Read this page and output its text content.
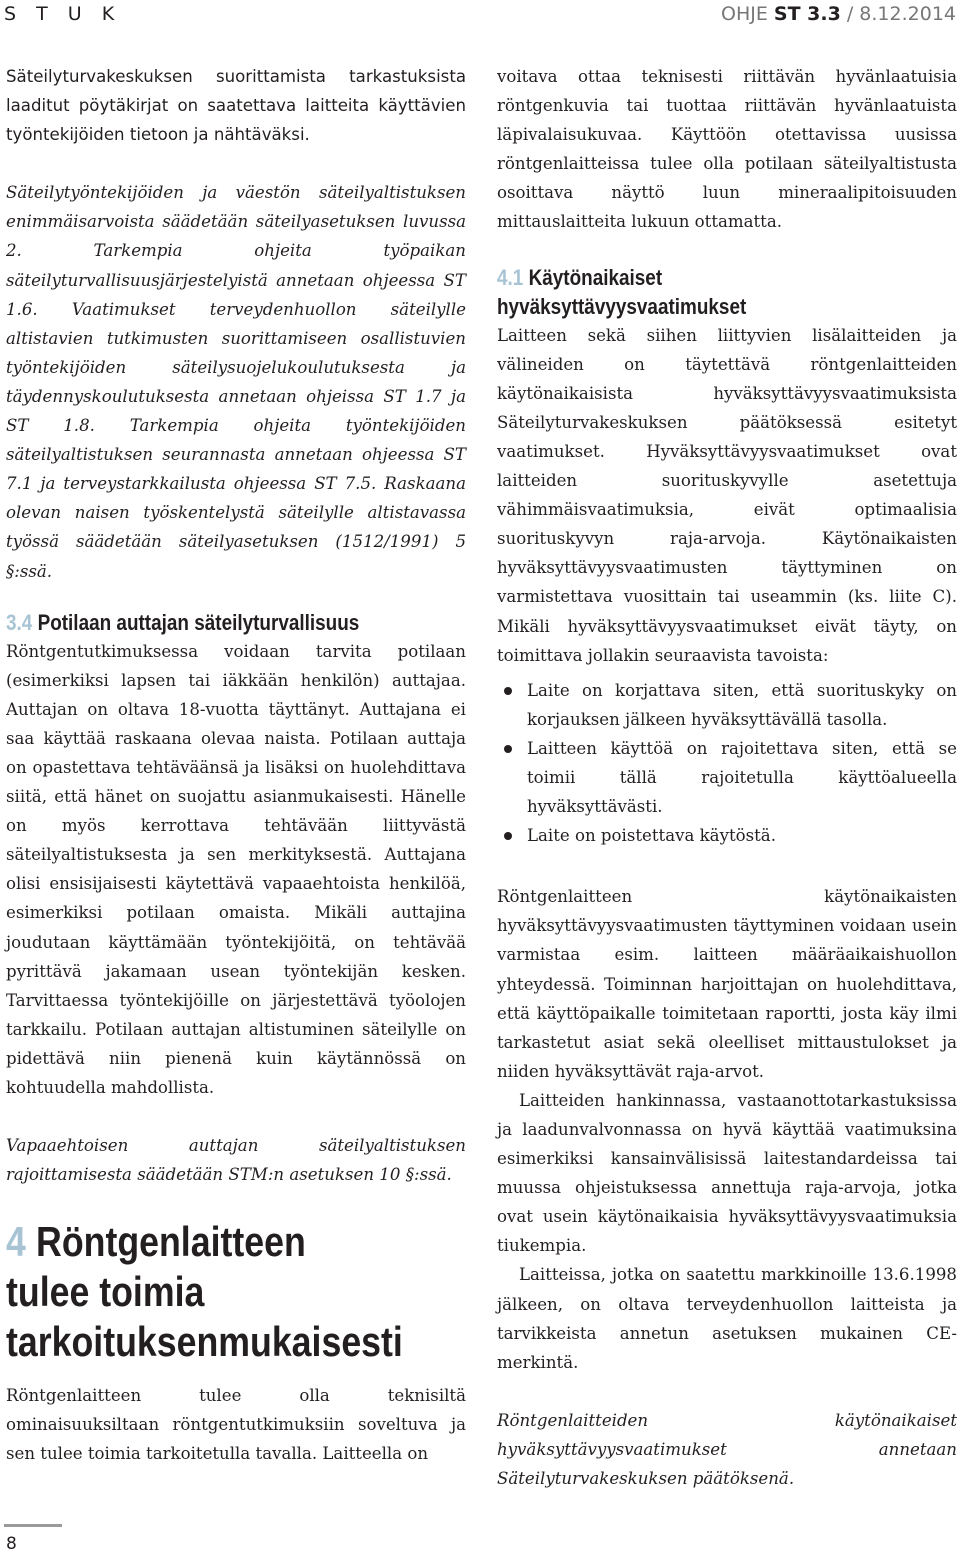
S T U K	OHJE ST 3.3 / 8.12.2014

Säteilyturvakeskuksen suorittamista tarkastuksista laaditut pöytäkirjat on saatettava laitteita käyttävien työntekijöiden tietoon ja nähtäväksi.

Säteilytyöntekijöiden ja väestön säteilyaltistuksen enimmäisarvoista säädetään säteilyasetuksen luvussa 2. Tarkempia ohjeita työpaikan säteilyturvallisuusjärjestelyistä annetaan ohjeessa ST 1.6. Vaatimukset terveydenhuollon säteilylle altistavien tutkimusten suorittamiseen osallistuvien työntekijöiden säteilysuojelukoulutuksesta ja täydennyskoulutuksesta annetaan ohjeissa ST 1.7 ja ST 1.8. Tarkempia ohjeita työntekijöiden säteilyaltistuksen seurannasta annetaan ohjeessa ST 7.1 ja terveystarkkailusta ohjeessa ST 7.5. Raskaana olevan naisen työskentelystä säteilylle altistavassa työssä säädetään säteilyasetuksen (1512/1991) 5 §:ssä.

3.4 Potilaan auttajan säteilyturvallisuus

Röntgentutkimuksessa voidaan tarvita potilaan (esimerkiksi lapsen tai iäkkään henkilön) auttajaa. Auttajan on oltava 18-vuotta täyttänyt. Auttajana ei saa käyttää raskaana olevaa naista. Potilaan auttaja on opastettava tehtäväänsä ja lisäksi on huolehdittava siitä, että hänet on suojattu asianmukaisesti. Hänelle on myös kerrottava tehtävään liittyvästä säteilyaltistuksesta ja sen merkityksestä. Auttajana olisi ensisijaisesti käytettävä vapaaehtoista henkilöä, esimerkiksi potilaan omaista. Mikäli auttajina joudutaan käyttämään työntekijöitä, on tehtävää pyrittävä jakamaan usean työntekijän kesken. Tarvittaessa työntekijöille on järjestettävä työolojen tarkkailu. Potilaan auttajan altistuminen säteilylle on pidettävä niin pienenä kuin käytännössä on kohtuudella mahdollista.

Vapaaehtoisen auttajan säteilyaltistuksen rajoittamisesta säädetään STM:n asetuksen 10 §:ssä.

4 Röntgenlaitteen
tulee toimia
tarkoituksenmukaisesti

Röntgenlaitteen tulee olla teknisiltä ominaisuuksiltaan röntgentutkimuksiin soveltuva ja sen tulee toimia tarkoitetulla tavalla. Laitteella on

voitava ottaa teknisesti riittävän hyvänlaatuisia röntgenkuvia tai tuottaa riittävän hyvänlaatuista läpivalaisukuvaa. Käyttöön otettavissa uusissa röntgenlaitteissa tulee olla potilaan säteilyaltistusta osoittava näyttö luun mineraalipitoisuuden mittauslaitteita lukuun ottamatta.

4.1 Käytönaikaiset
hyväksyttävyysvaatimukset

Laitteen sekä siihen liittyvien lisälaitteiden ja välineiden on täytettävä röntgenlaitteiden käytönaikaisista hyväksyttävyysvaatimuksista Säteilyturvakeskuksen päätöksessä esitetyt vaatimukset. Hyväksyttävyysvaatimukset ovat laitteiden suorituskyvylle asetettuja vähimmäisvaatimuksia, eivät optimaalisia suorituskyvyn raja-arvoja. Käytönaikaisten hyväksyttävyysvaatimusten täyttyminen on varmistettava vuosittain tai useammin (ks. liite C). Mikäli hyväksyttävyysvaatimukset eivät täyty, on toimittava jollakin seuraavista tavoista:

Laite on korjattava siten, että suorituskyky on korjauksen jälkeen hyväksyttävällä tasolla.
Laitteen käyttöä on rajoitettava siten, että se toimii tällä rajoitetulla käyttöalueella hyväksyttävästi.
Laite on poistettava käytöstä.

Röntgenlaitteen käytönaikaisten hyväksyttävyysvaatimusten täyttyminen voidaan usein varmistaa esim. laitteen määräaikaishuollon yhteydessä. Toiminnan harjoittajan on huolehdittava, että käyttöpaikalle toimitetaan raportti, josta käy ilmi tarkastetut asiat sekä oleelliset mittaustulokset ja niiden hyväksyttävät raja-arvot.

Laitteiden hankinnassa, vastaanottotarkastuksissa ja laadunvalvonnassa on hyvä käyttää vaatimuksina esimerkiksi kansainvälisissä laitestandardeissa tai muussa ohjeistuksessa annettuja raja-arvoja, jotka ovat usein käytönaikaisia hyväksyttävyysvaatimuksia tiukempia.

Laitteissa, jotka on saatettu markkinoille 13.6.1998 jälkeen, on oltava terveydenhuollon laitteista ja tarvikkeista annetun asetuksen mukainen CE-merkintä.

Röntgenlaitteiden käytönaikaiset hyväksyttävyysvaatimukset annetaan Säteilyturvakeskuksen päätöksenä.

8
